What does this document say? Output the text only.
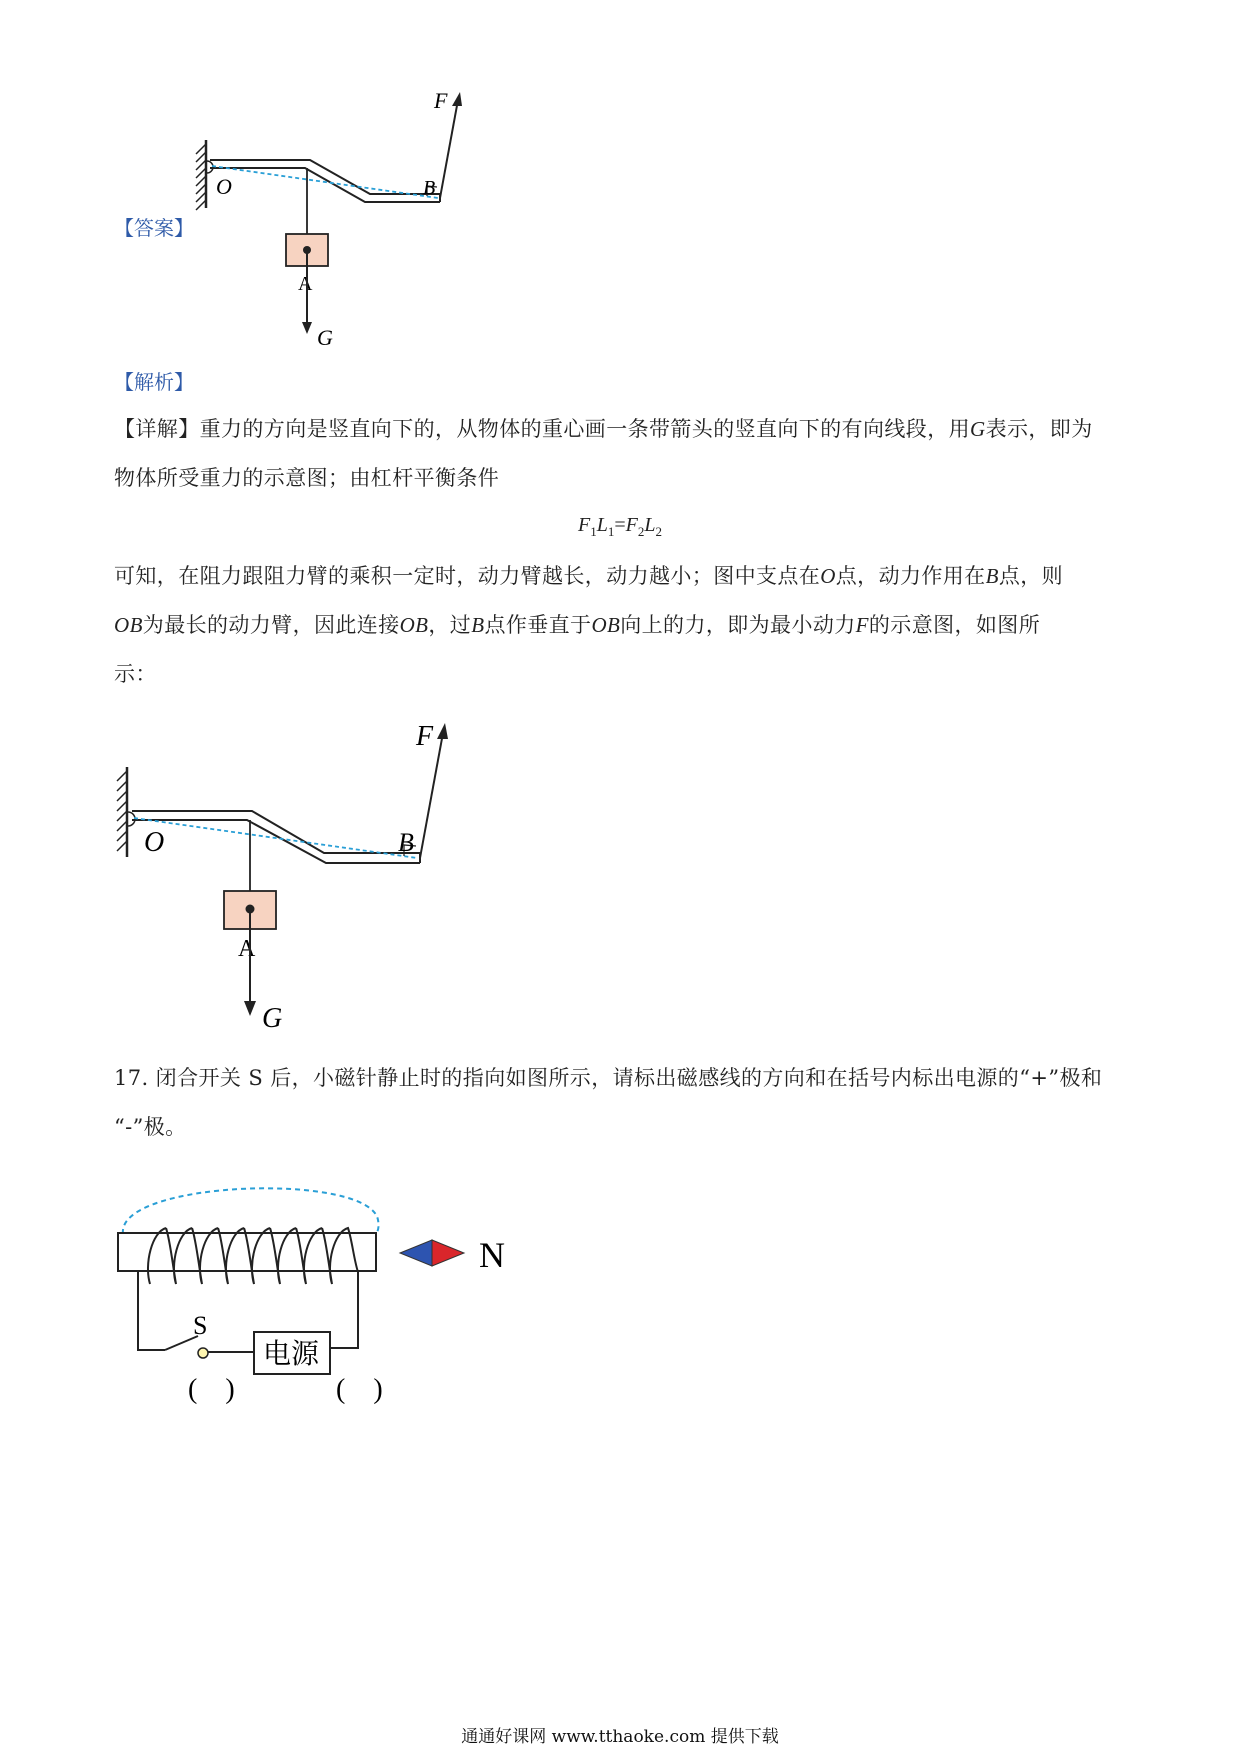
【答案】
F
O	B
A
G
【解析】
【详解】重力的方向是竖直向下的，从物体的重心画一条带箭头的竖直向下的有向线段，用G表示，即为
物体所受重力的示意图；由杠杆平衡条件
$F_1L_1=F_2L_2$
可知，在阻力跟阻力臂的乘积一定时，动力臂越长，动力越小；图中支点在O点，动力作用在B点，则
OB为最长的动力臂，因此连接OB，过B点作垂直于OB向上的力，即为最小动力F的示意图，如图所
示：
F
O	B
A
G
17. 闭合开关 S 后，小磁针静止时的指向如图所示，请标出磁感线的方向和在括号内标出电源的“+”极和
“-”极。
S
电源
(　)	(　)
N
通通好课网 www.tthaoke.com 提供下载
